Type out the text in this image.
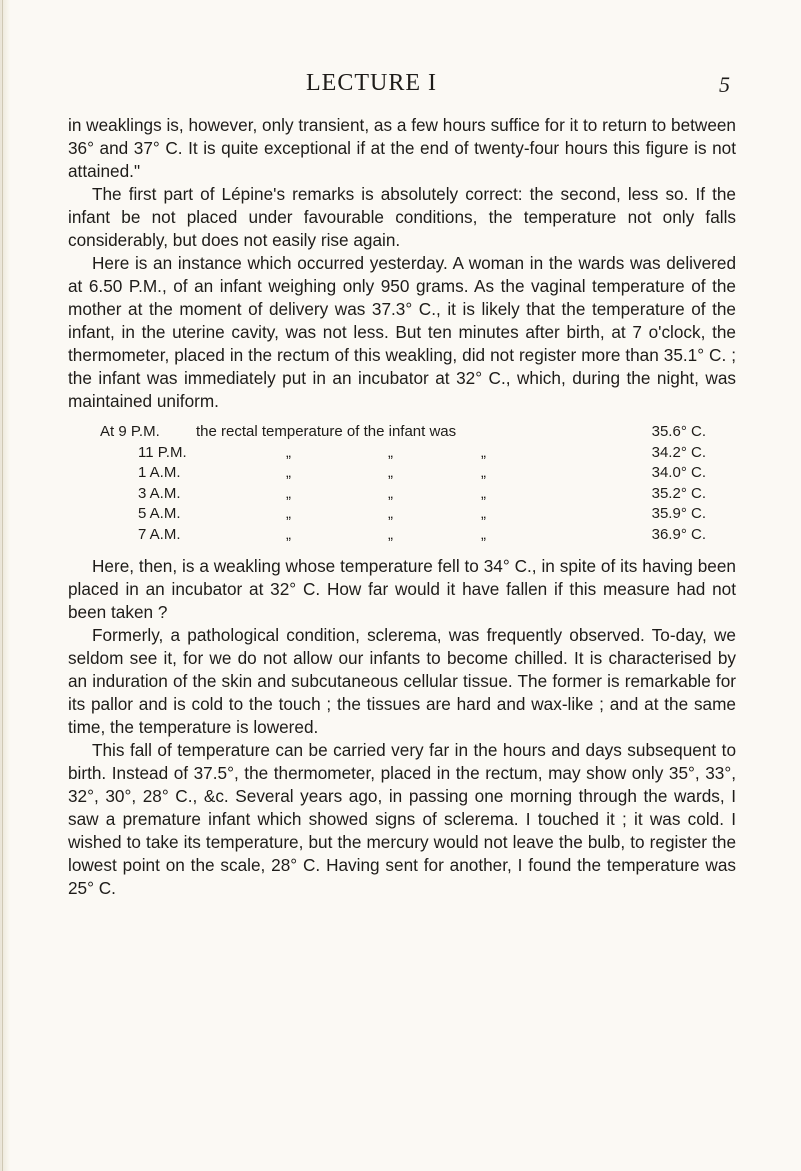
LECTURE I	5

in weaklings is, however, only transient, as a few hours suffice for it to return to between 36° and 37° C. It is quite exceptional if at the end of twenty-four hours this figure is not attained."

The first part of Lépine's remarks is absolutely correct: the second, less so. If the infant be not placed under favourable conditions, the temperature not only falls considerably, but does not easily rise again.

Here is an instance which occurred yesterday. A woman in the wards was delivered at 6.50 P.M., of an infant weighing only 950 grams. As the vaginal temperature of the mother at the moment of delivery was 37.3° C., it is likely that the temperature of the infant, in the uterine cavity, was not less. But ten minutes after birth, at 7 o'clock, the thermometer, placed in the rectum of this weakling, did not register more than 35.1° C. ; the infant was immediately put in an incubator at 32° C., which, during the night, was maintained uniform.

At 9 P.M. the rectal temperature of the infant was	35.6° C.
11 P.M.	„	„	„	34.2° C.
1 A.M.	„	„	„	34.0° C.
3 A.M.	„	„	„	35.2° C.
5 A.M.	„	„	„	35.9° C.
7 A.M.	„	„	„	36.9° C.

Here, then, is a weakling whose temperature fell to 34° C., in spite of its having been placed in an incubator at 32° C. How far would it have fallen if this measure had not been taken ?

Formerly, a pathological condition, sclerema, was frequently observed. To-day, we seldom see it, for we do not allow our infants to become chilled. It is characterised by an induration of the skin and subcutaneous cellular tissue. The former is remarkable for its pallor and is cold to the touch ; the tissues are hard and wax-like ; and at the same time, the temperature is lowered.

This fall of temperature can be carried very far in the hours and days subsequent to birth. Instead of 37.5°, the thermometer, placed in the rectum, may show only 35°, 33°, 32°, 30°, 28° C., &c. Several years ago, in passing one morning through the wards, I saw a premature infant which showed signs of sclerema. I touched it ; it was cold. I wished to take its temperature, but the mercury would not leave the bulb, to register the lowest point on the scale, 28° C. Having sent for another, I found the temperature was 25° C.
